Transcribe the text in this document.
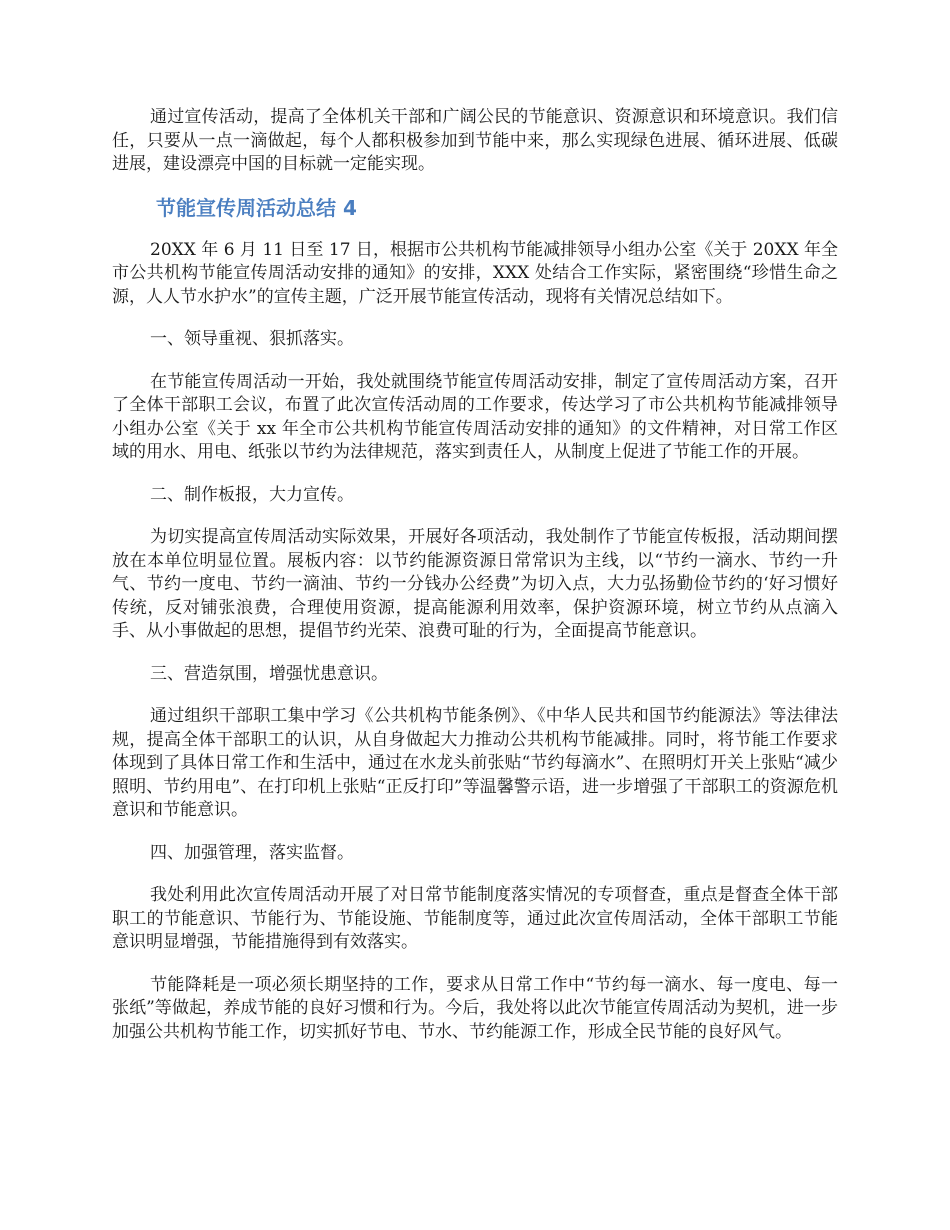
通过宣传活动，提高了全体机关干部和广阔公民的节能意识、资源意识和环境意识。我们信任，只要从一点一滴做起，每个人都积极参加到节能中来，那么实现绿色进展、循环进展、低碳进展，建设漂亮中国的目标就一定能实现。

节能宣传周活动总结 4

20XX 年 6 月 11 日至 17 日，根据市公共机构节能减排领导小组办公室《关于 20XX 年全市公共机构节能宣传周活动安排的通知》的安排，XXX 处结合工作实际，紧密围绕“珍惜生命之源，人人节水护水”的宣传主题，广泛开展节能宣传活动，现将有关情况总结如下。

一、领导重视、狠抓落实。

在节能宣传周活动一开始，我处就围绕节能宣传周活动安排，制定了宣传周活动方案，召开了全体干部职工会议，布置了此次宣传活动周的工作要求，传达学习了市公共机构节能减排领导小组办公室《关于 xx 年全市公共机构节能宣传周活动安排的通知》的文件精神，对日常工作区域的用水、用电、纸张以节约为法律规范，落实到责任人，从制度上促进了节能工作的开展。

二、制作板报，大力宣传。

为切实提高宣传周活动实际效果，开展好各项活动，我处制作了节能宣传板报，活动期间摆放在本单位明显位置。展板内容：以节约能源资源日常常识为主线，以“节约一滴水、节约一升气、节约一度电、节约一滴油、节约一分钱办公经费”为切入点，大力弘扬勤俭节约的‘好习惯好传统，反对铺张浪费，合理使用资源，提高能源利用效率，保护资源环境，树立节约从点滴入手、从小事做起的思想，提倡节约光荣、浪费可耻的行为，全面提高节能意识。

三、营造氛围，增强忧患意识。

通过组织干部职工集中学习《公共机构节能条例》、《中华人民共和国节约能源法》等法律法规，提高全体干部职工的认识，从自身做起大力推动公共机构节能减排。同时，将节能工作要求体现到了具体日常工作和生活中，通过在水龙头前张贴“节约每滴水”、在照明灯开关上张贴“减少照明、节约用电”、在打印机上张贴“正反打印”等温馨警示语，进一步增强了干部职工的资源危机意识和节能意识。

四、加强管理，落实监督。

我处利用此次宣传周活动开展了对日常节能制度落实情况的专项督查，重点是督查全体干部职工的节能意识、节能行为、节能设施、节能制度等，通过此次宣传周活动，全体干部职工节能意识明显增强，节能措施得到有效落实。

节能降耗是一项必须长期坚持的工作，要求从日常工作中“节约每一滴水、每一度电、每一张纸”等做起，养成节能的良好习惯和行为。今后，我处将以此次节能宣传周活动为契机，进一步加强公共机构节能工作，切实抓好节电、节水、节约能源工作，形成全民节能的良好风气。
